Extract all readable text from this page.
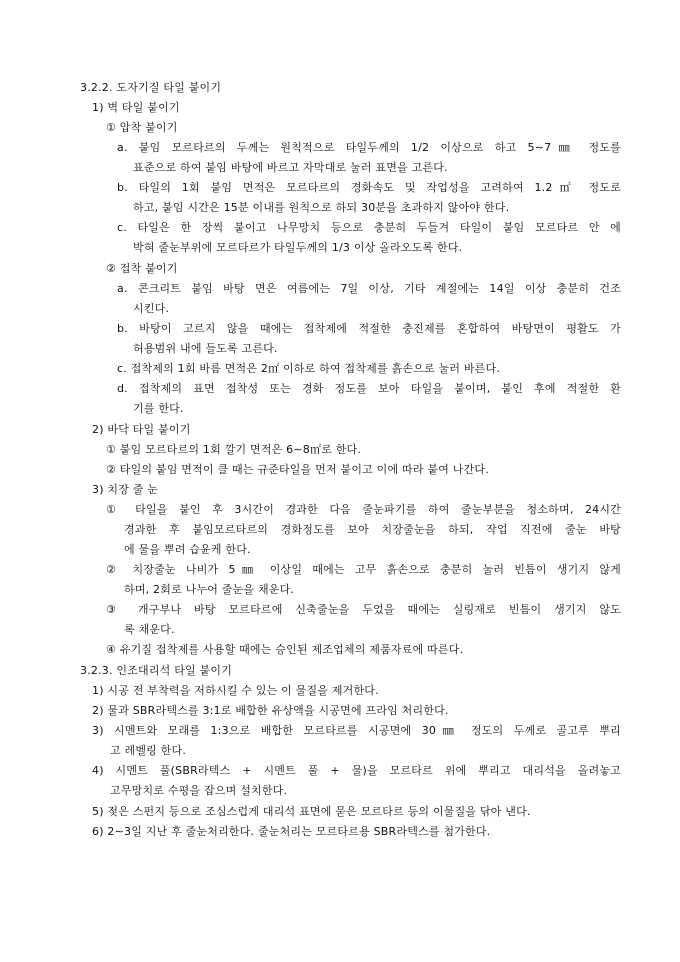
3.2.2. 도자기질 타일 붙이기
1) 벽 타일 붙이기
① 압착 붙이기
a. 붙임 모르타르의 두께는 원칙적으로 타일두께의 1/2 이상으로 하고 5∼7㎜ 정도를
표준으로 하여 붙임 바탕에 바르고 자막대로 눌러 표면을 고른다.
b. 타일의 1회 붙임 면적은 모르타르의 경화속도 및 작업성을 고려하여 1.2㎡ 정도로
하고, 붙임 시간은 15분 이내를 원칙으로 하되 30분을 초과하지 않아야 한다.
c. 타일은 한 장씩 붙이고 나무망치 등으로 충분히 두들겨 타일이 붙임 모르타르 안 에
박혀 줄눈부위에 모르타르가 타일두께의 1/3 이상 올라오도록 한다.
② 접착 붙이기
a. 콘크리트 붙임 바탕 면은 여름에는 7일 이상, 기타 계절에는 14일 이상 충분히 건조
시킨다.
b. 바탕이 고르지 않을 때에는 접착제에 적절한 충진제를 혼합하여 바탕면이 평활도 가
허용범위 내에 들도록 고른다.
c. 접착제의 1회 바름 면적은 2㎡ 이하로 하여 접착제를 흙손으로 눌러 바른다.
d. 접착제의 표면 접착성 또는 경화 정도를 보아 타일을 붙이며, 붙인 후에 적절한 환
기를 한다.
2) 바닥 타일 붙이기
① 붙임 모르타르의 1회 깔기 면적은 6∼8㎡로 한다.
② 타일의 붙임 면적이 클 때는 규준타일을 먼저 붙이고 이에 따라 붙여 나간다.
3) 치장 줄 눈
① 타일을 붙인 후 3시간이 경과한 다음 줄눈파기를 하여 줄눈부분을 청소하며, 24시간
경과한 후 붙임모르타르의 경화정도를 보아 치장줄눈을 하되, 작업 직전에 줄눈 바탕
에 물을 뿌려 습윤케 한다.
② 치장줄눈 나비가 5㎜ 이상일 때에는 고무 흙손으로 충분히 눌러 빈틈이 생기지 않게
하며, 2회로 나누어 줄눈을 채운다.
③ 개구부나 바탕 모르타르에 신축줄눈을 두었을 때에는 실링재로 빈틈이 생기지 않도
록 채운다.
④ 유기질 접착제를 사용할 때에는 승인된 제조업체의 제품자료에 따른다.
3.2.3. 인조대리석 타일 붙이기
1) 시공 전 부착력을 저하시킬 수 있는 이 물질을 제거한다.
2) 물과 SBR라텍스를 3:1로 배합한 유상액을 시공면에 프라임 처리한다.
3) 시멘트와 모래를 1:3으로 배합한 모르타르를 시공면에 30㎜ 정도의 두께로 골고루 뿌리
고 레벨링 한다.
4) 시멘트 풀(SBR라텍스 + 시멘트 풀 + 물)을 모르타르 위에 뿌리고 대리석을 올려놓고
고무망치로 수평을 잡으며 설치한다.
5) 젖은 스펀지 등으로 조심스럽게 대리석 표면에 묻은 모르타르 등의 이물질을 닦아 낸다.
6) 2∼3일 지난 후 줄눈처리한다. 줄눈처리는 모르타르용 SBR라텍스를 첨가한다.
